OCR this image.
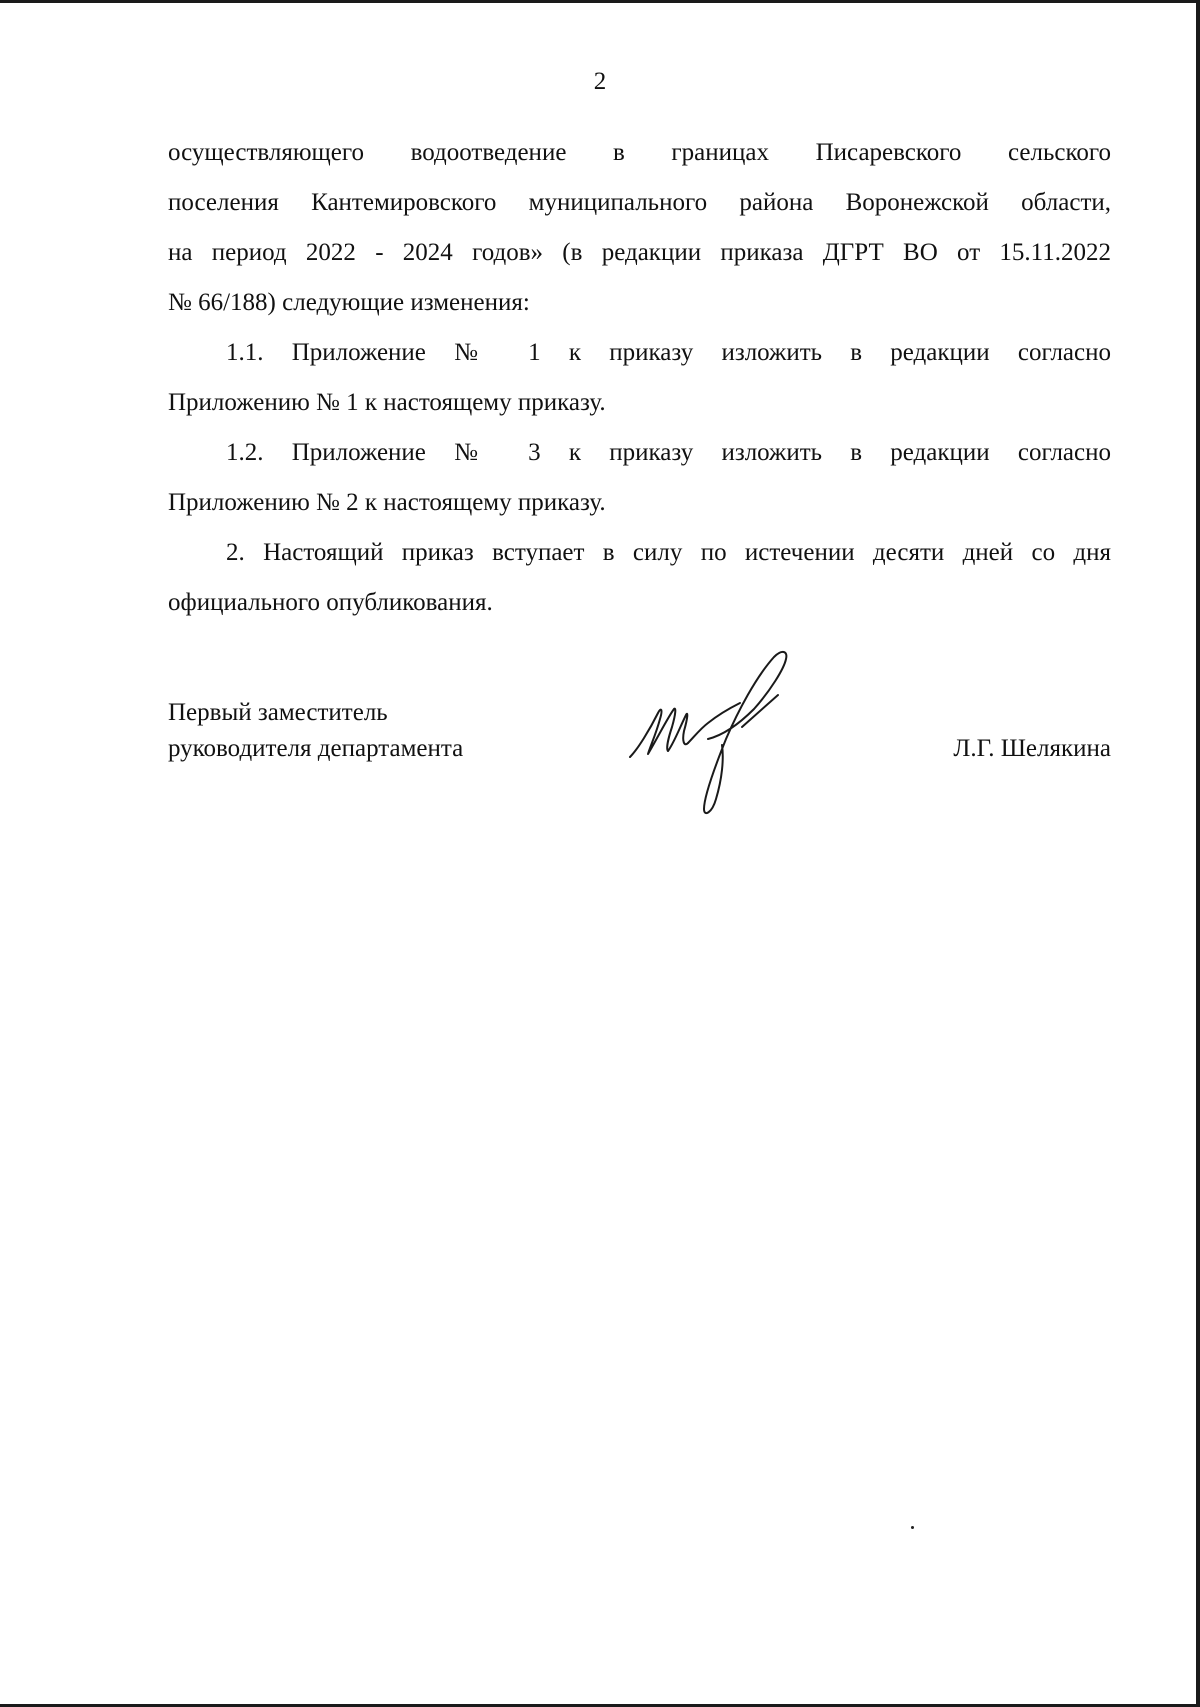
2

осуществляющего водоотведение в границах Писаревского сельского
поселения Кантемировского муниципального района Воронежской области,
на период 2022 - 2024 годов» (в редакции приказа ДГРТ ВО от 15.11.2022
№ 66/188) следующие изменения:

1.1. Приложение № 1 к приказу изложить в редакции согласно
Приложению № 1 к настоящему приказу.

1.2. Приложение № 3 к приказу изложить в редакции согласно
Приложению № 2 к настоящему приказу.

2. Настоящий приказ вступает в силу по истечении десяти дней со дня
официального опубликования.

Первый заместитель
руководителя департамента	Л.Г. Шелякина
